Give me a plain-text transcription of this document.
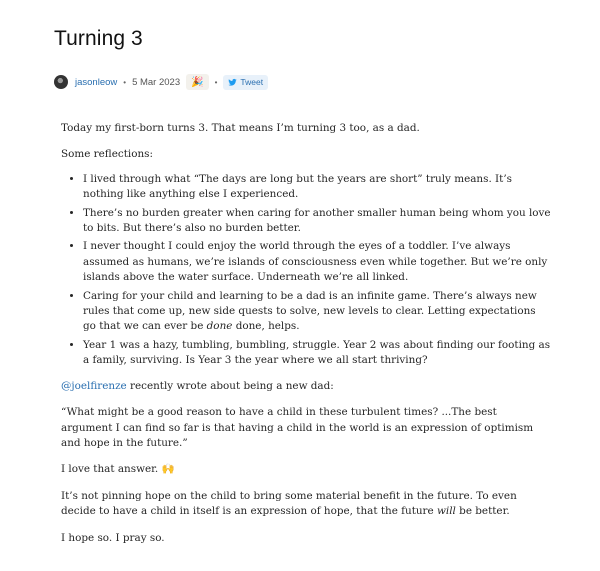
Turning 3
jasonleow • 5 Mar 2023	🎉	•	Tweet

Today my first-born turns 3. That means I’m turning 3 too, as a dad.

Some reflections:

• I lived through what “The days are long but the years are short” truly means. It’s nothing like anything else I experienced.
• There’s no burden greater when caring for another smaller human being whom you love to bits. But there’s also no burden better.
• I never thought I could enjoy the world through the eyes of a toddler. I’ve always assumed as humans, we’re islands of consciousness even while together. But we’re only islands above the water surface. Underneath we’re all linked.
• Caring for your child and learning to be a dad is an infinite game. There’s always new rules that come up, new side quests to solve, new levels to clear. Letting expectations go that we can ever be done done, helps.
• Year 1 was a hazy, tumbling, bumbling, struggle. Year 2 was about finding our footing as a family, surviving. Is Year 3 the year where we all start thriving?

@joelfirenze recently wrote about being a new dad:

“What might be a good reason to have a child in these turbulent times? ...The best argument I can find so far is that having a child in the world is an expression of optimism and hope in the future.”

I love that answer. 🙌

It’s not pinning hope on the child to bring some material benefit in the future. To even decide to have a child in itself is an expression of hope, that the future will be better.

I hope so. I pray so.
